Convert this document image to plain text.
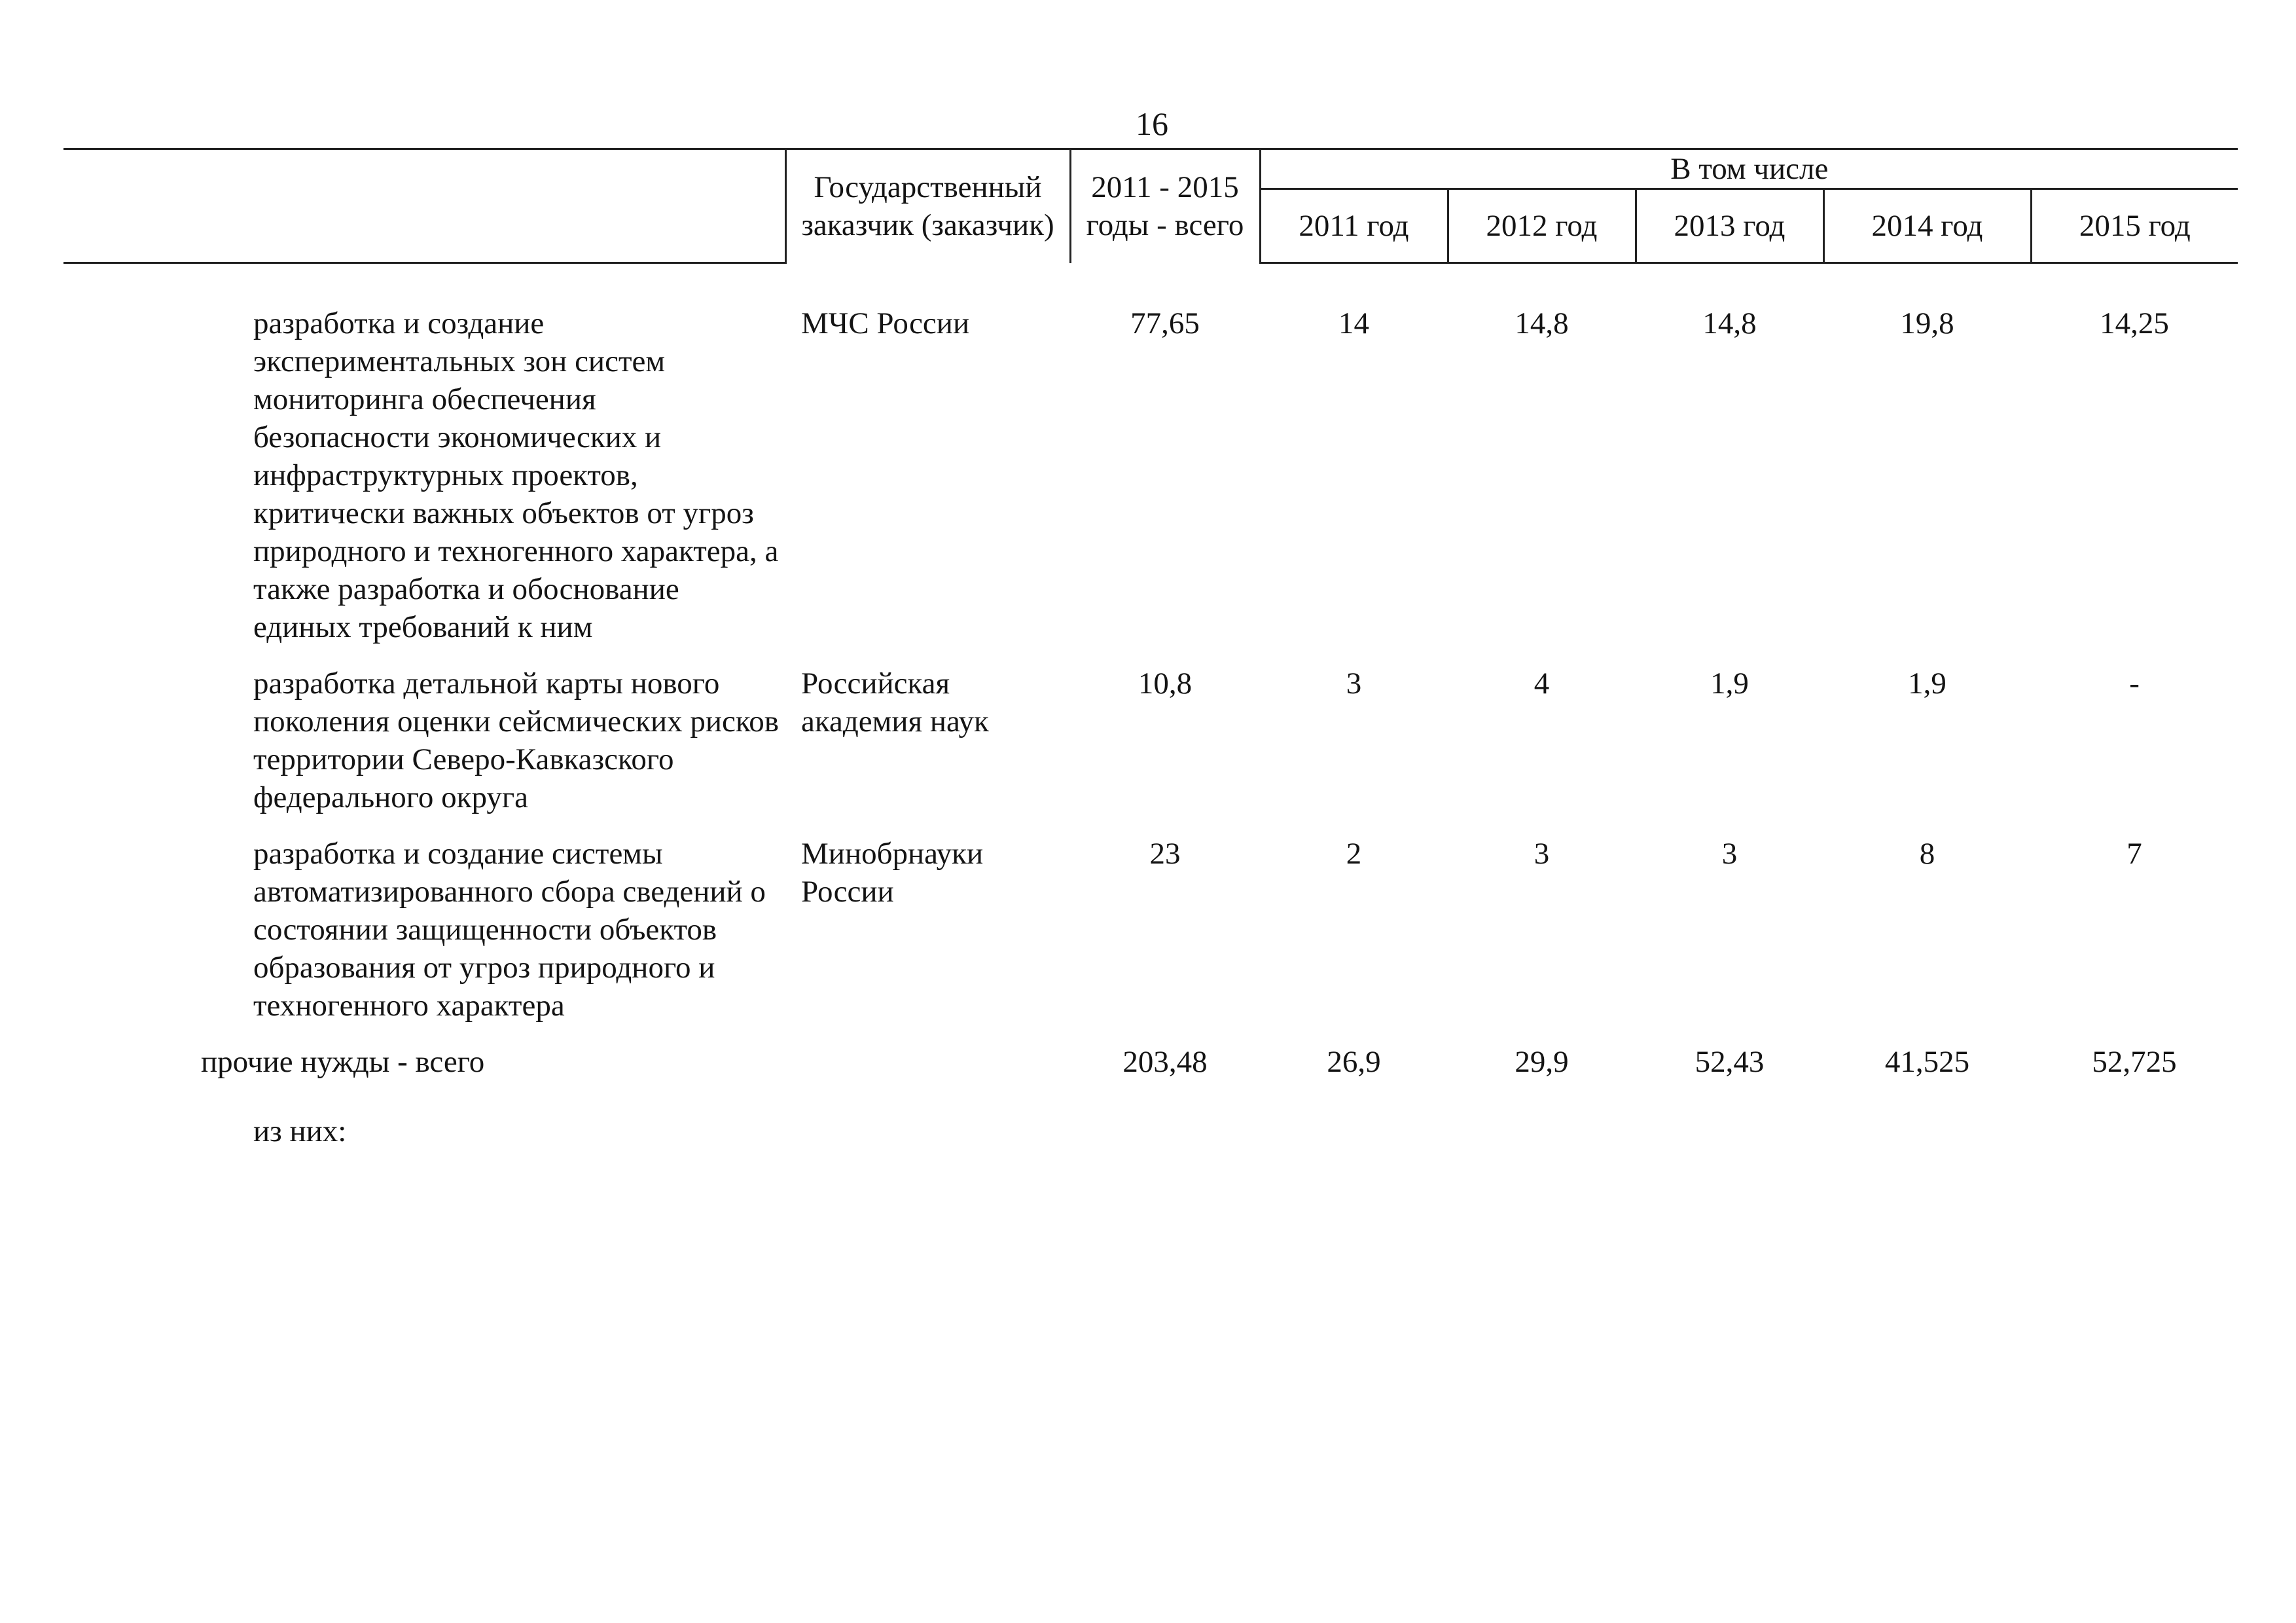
16
	Государственный заказчик (заказчик)	2011 - 2015 годы - всего	В том числе				
			2011 год	2012 год	2013 год	2014 год	2015 год

разработка и создание экспериментальных зон систем мониторинга обеспечения безопасности экономических и инфраструктурных проектов, критически важных объектов от угроз природного и техногенного характера, а также разработка и обоснование единых требований к ним	МЧС России	77,65	14	14,8	14,8	19,8	14,25
разработка детальной карты нового поколения оценки сейсмических рисков территории Северо-Кавказского федерального округа	Российская академия наук	10,8	3	4	1,9	1,9	-
разработка и создание системы автоматизированного сбора сведений о состоянии защищенности объектов образования от угроз природного и техногенного характера	Минобрнауки России	23	2	3	3	8	7
прочие нужды - всего		203,48	26,9	29,9	52,43	41,525	52,725
из них:							
